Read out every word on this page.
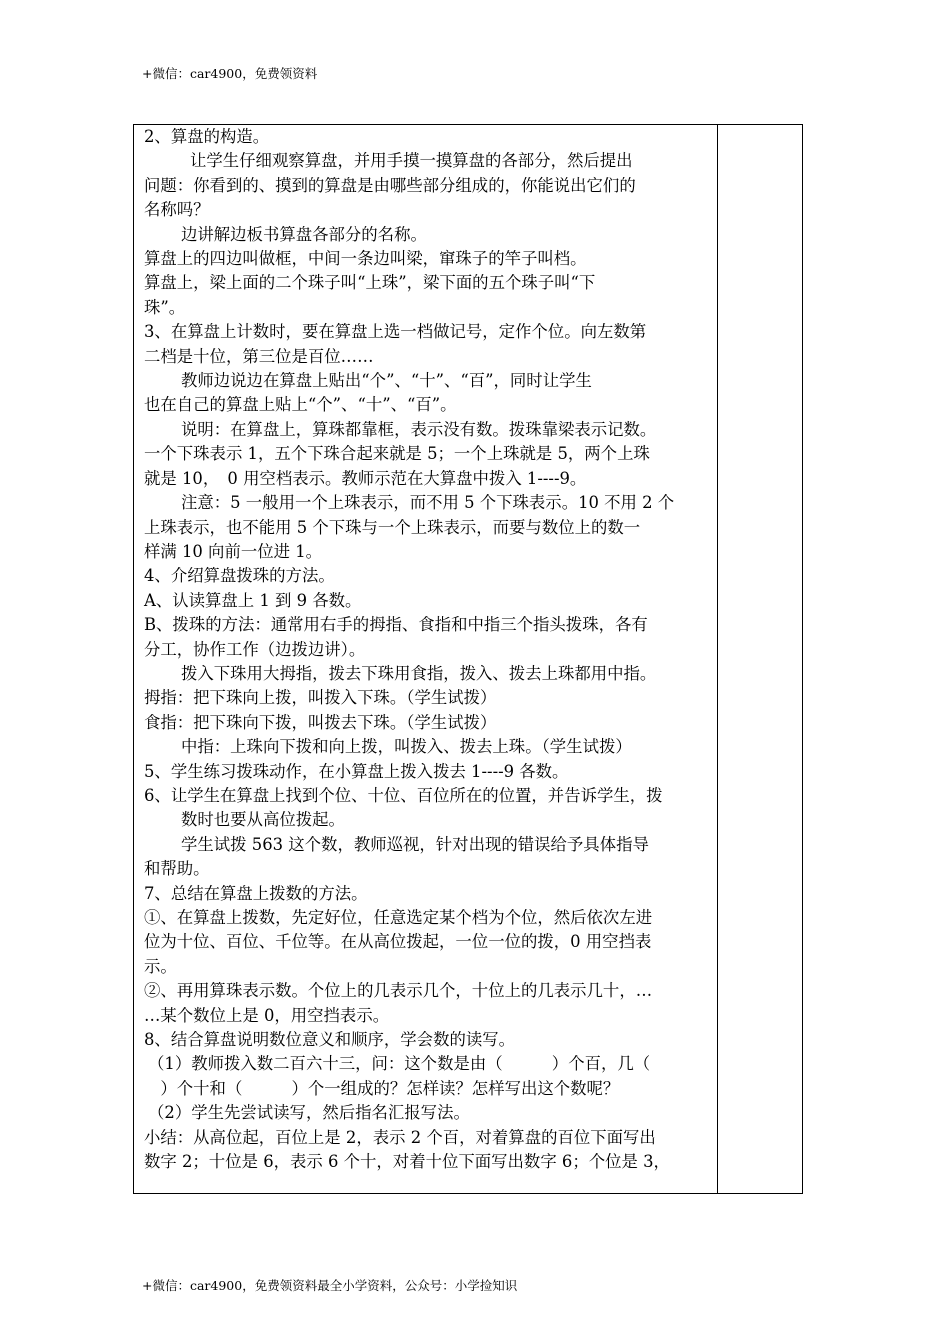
+微信：car4900，免费领资料

2、算盘的构造。

让学生仔细观察算盘，并用手摸一摸算盘的各部分，然后提出

问题：你看到的、摸到的算盘是由哪些部分组成的，你能说出它们的

名称吗？

边讲解边板书算盘各部分的名称。

算盘上的四边叫做框，中间一条边叫梁，窜珠子的竿子叫档。

算盘上，梁上面的二个珠子叫“上珠”，梁下面的五个珠子叫“下

珠”。

3、在算盘上计数时，要在算盘上选一档做记号，定作个位。向左数第

二档是十位，第三位是百位……

教师边说边在算盘上贴出“个”、“十”、“百”，同时让学生

也在自己的算盘上贴上“个”、“十”、“百”。

说明：在算盘上，算珠都靠框，表示没有数。拨珠靠梁表示记数。

一个下珠表示 1，五个下珠合起来就是 5；一个上珠就是 5，两个上珠

就是 10，　0 用空档表示。教师示范在大算盘中拨入 1----9。

注意：5 一般用一个上珠表示，而不用 5 个下珠表示。10 不用 2 个

上珠表示，也不能用 5 个下珠与一个上珠表示，而要与数位上的数一

样满 10 向前一位进 1。

4、介绍算盘拨珠的方法。

A、认读算盘上 1 到 9 各数。

B、拨珠的方法：通常用右手的拇指、食指和中指三个指头拨珠，各有

分工，协作工作（边拨边讲）。

拨入下珠用大拇指，拨去下珠用食指，拨入、拨去上珠都用中指。

拇指：把下珠向上拨，叫拨入下珠。（学生试拨）

食指：把下珠向下拨，叫拨去下珠。（学生试拨）

中指：上珠向下拨和向上拨，叫拨入、拨去上珠。（学生试拨）

5、学生练习拨珠动作，在小算盘上拨入拨去 1----9 各数。

6、让学生在算盘上找到个位、十位、百位所在的位置，并告诉学生，拨

数时也要从高位拨起。

学生试拨 563 这个数，教师巡视，针对出现的错误给予具体指导

和帮助。

7、总结在算盘上拨数的方法。

①、在算盘上拨数，先定好位，任意选定某个档为个位，然后依次左进

位为十位、百位、千位等。在从高位拨起，一位一位的拨，0 用空挡表

示。

②、再用算珠表示数。个位上的几表示几个，十位上的几表示几十，…

…某个数位上是 0，用空挡表示。

8、结合算盘说明数位意义和顺序，学会数的读写。

（1）教师拨入数二百六十三，问：这个数是由（　　　）个百，几（

　）个十和（　　　）个一组成的？怎样读？怎样写出这个数呢？

（2）学生先尝试读写，然后指名汇报写法。

小结：从高位起，百位上是 2，表示 2 个百，对着算盘的百位下面写出

数字 2；十位是 6，表示 6 个十，对着十位下面写出数字 6；个位是 3，

+微信：car4900，免费领资料最全小学资料，公众号：小学捡知识
